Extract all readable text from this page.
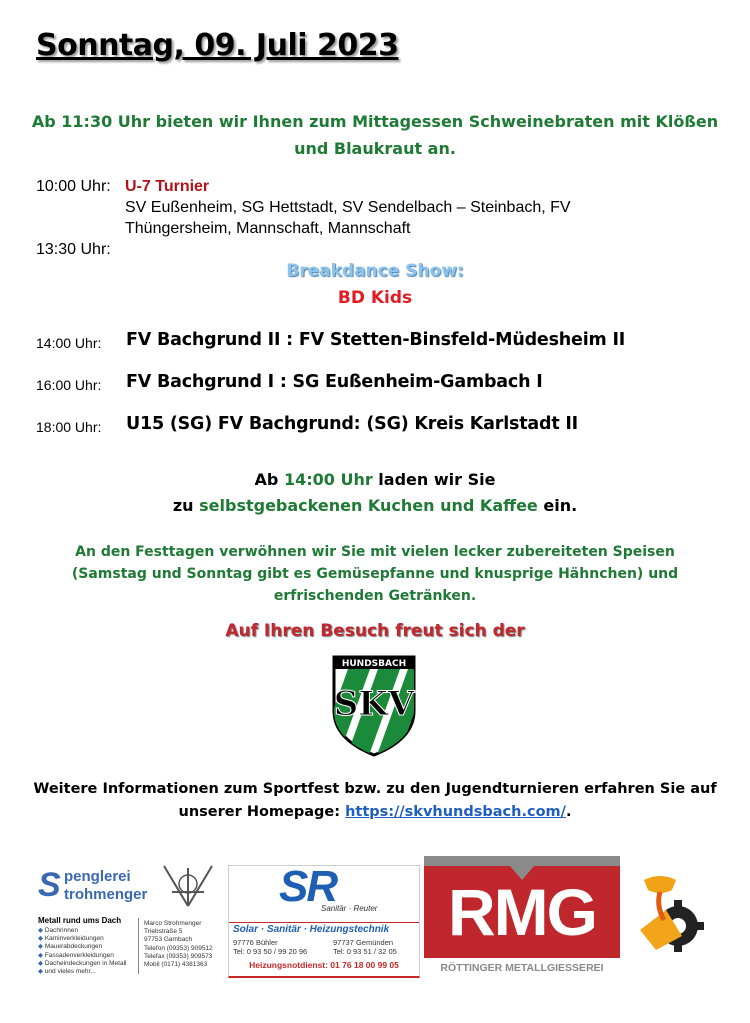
Sonntag, 09. Juli 2023
Ab 11:30 Uhr bieten wir Ihnen zum Mittagessen Schweinebraten mit Klößen und Blaukraut an.
10:00 Uhr: U-7 Turnier
SV Eußenheim, SG Hettstadt, SV Sendelbach – Steinbach, FV
Thüngersheim, Mannschaft, Mannschaft
13:30 Uhr:
Breakdance Show:
BD Kids
14:00 Uhr: FV Bachgrund II : FV Stetten-Binsfeld-Müdesheim II
16:00 Uhr: FV Bachgrund I : SG Eußenheim-Gambach I
18:00 Uhr: U15 (SG) FV Bachgrund: (SG) Kreis Karlstadt II
Ab 14:00 Uhr laden wir Sie
zu selbstgebackenen Kuchen und Kaffee ein.
An den Festtagen verwöhnen wir Sie mit vielen lecker zubereiteten Speisen (Samstag und Sonntag gibt es Gemüsepfanne und knusprige Hähnchen) und erfrischenden Getränken.
Auf Ihren Besuch freut sich der
HUNDSBACH
SKV
Weitere Informationen zum Sportfest bzw. zu den Jugendturnieren erfahren Sie auf unserer Homepage: https://skvhundsbach.com/.
S penglerei
trohmenger
Metall rund ums Dach
◆ Dachrinnen
◆ Kaminverkleidungen
◆ Mauerabdeckungen
◆ Fassadenverkleidungen
◆ Dacheindeckungen in Metall
◆ und vieles mehr...
Marco Strohmenger
Triebstraße 5
97753 Gambach
Telefon (09353) 909512
Telefax (09353) 909573
Mobil (0171) 4381363
SR
Sanitär · Reuter
Solar · Sanitär · Heizungstechnik
97776 Bühler	97737 Gemünden
Tel: 0 93 50 / 99 20 96	Tel: 0 93 51 / 32 05
Heizungsnotdienst: 01 76 18 00 99 05
RMG
RÖTTINGER METALLGIESSEREI
